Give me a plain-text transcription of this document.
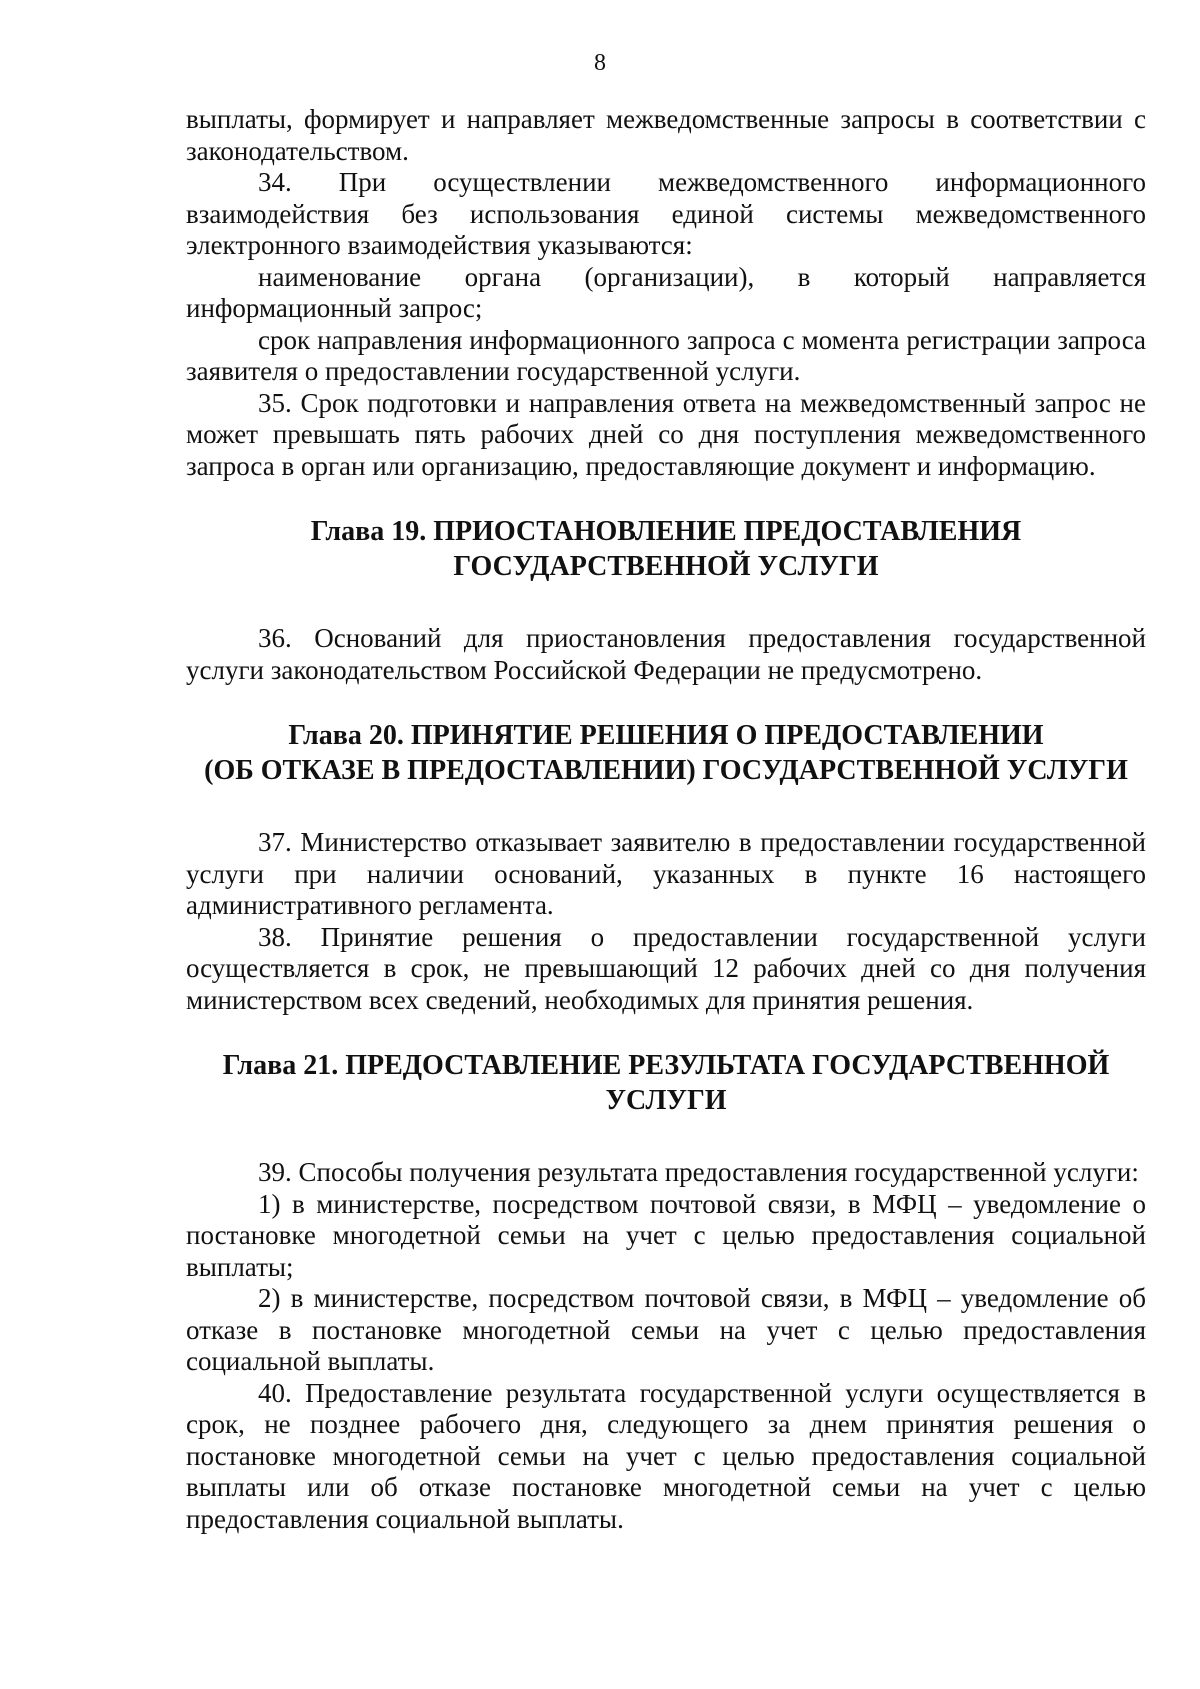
8

выплаты, формирует и направляет межведомственные запросы в соответствии с законодательством.

34. При осуществлении межведомственного информационного взаимодействия без использования единой системы межведомственного электронного взаимодействия указываются:

наименование органа (организации), в который направляется информационный запрос;

срок направления информационного запроса с момента регистрации запроса заявителя о предоставлении государственной услуги.

35. Срок подготовки и направления ответа на межведомственный запрос не может превышать пять рабочих дней со дня поступления межведомственного запроса в орган или организацию, предоставляющие документ и информацию.

Глава 19. ПРИОСТАНОВЛЕНИЕ ПРЕДОСТАВЛЕНИЯ
ГОСУДАРСТВЕННОЙ УСЛУГИ

36. Оснований для приостановления предоставления государственной услуги законодательством Российской Федерации не предусмотрено.

Глава 20. ПРИНЯТИЕ РЕШЕНИЯ О ПРЕДОСТАВЛЕНИИ
(ОБ ОТКАЗЕ В ПРЕДОСТАВЛЕНИИ) ГОСУДАРСТВЕННОЙ УСЛУГИ

37. Министерство отказывает заявителю в предоставлении государственной услуги при наличии оснований, указанных в пункте 16 настоящего административного регламента.

38. Принятие решения о предоставлении государственной услуги осуществляется в срок, не превышающий 12 рабочих дней со дня получения министерством всех сведений, необходимых для принятия решения.

Глава 21. ПРЕДОСТАВЛЕНИЕ РЕЗУЛЬТАТА ГОСУДАРСТВЕННОЙ
УСЛУГИ

39. Способы получения результата предоставления государственной услуги:

1) в министерстве, посредством почтовой связи, в МФЦ – уведомление о постановке многодетной семьи на учет с целью предоставления социальной выплаты;

2) в министерстве, посредством почтовой связи, в МФЦ – уведомление об отказе в постановке многодетной семьи на учет с целью предоставления социальной выплаты.

40. Предоставление результата государственной услуги осуществляется в срок, не позднее рабочего дня, следующего за днем принятия решения о постановке многодетной семьи на учет с целью предоставления социальной выплаты или об отказе постановке многодетной семьи на учет с целью предоставления социальной выплаты.
